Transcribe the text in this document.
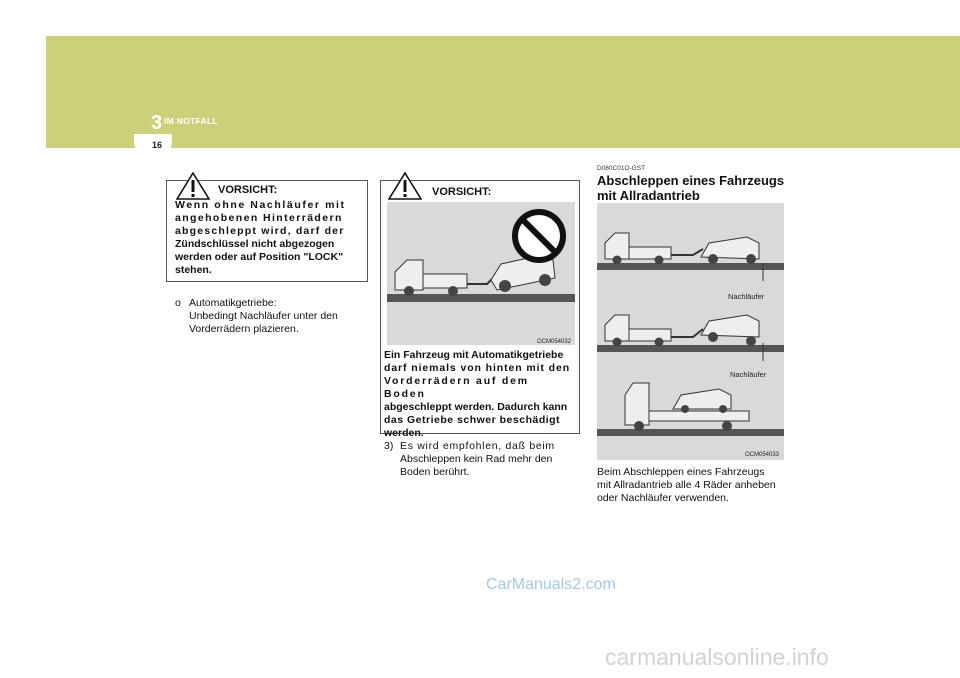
3 IM NOTFALL
16
VORSICHT:
Wenn ohne Nachläufer mit
angehobenen Hinterrädern
abgeschleppt wird, darf der
Zündschlüssel nicht abgezogen
werden oder auf Position "LOCK"
stehen.
o Automatikgetriebe:
Unbedingt Nachläufer unter den
Vorderrädern plazieren.
VORSICHT:
OCM054032
Ein Fahrzeug mit Automatikgetriebe
darf niemals von hinten mit den
Vorderrädern auf dem Boden
abgeschleppt werden. Dadurch kann
das Getriebe schwer beschädigt
werden.
3) Es wird empfohlen, daß beim
Abschleppen kein Rad mehr den
Boden berührt.
D080C01O-GST
Abschleppen eines Fahrzeugs
mit Allradantrieb
Nachläufer
Nachläufer
OCM054033
Beim Abschleppen eines Fahrzeugs
mit Allradantrieb alle 4 Räder anheben
oder Nachläufer verwenden.
CarManuals2.com
carmanualsonline.info
